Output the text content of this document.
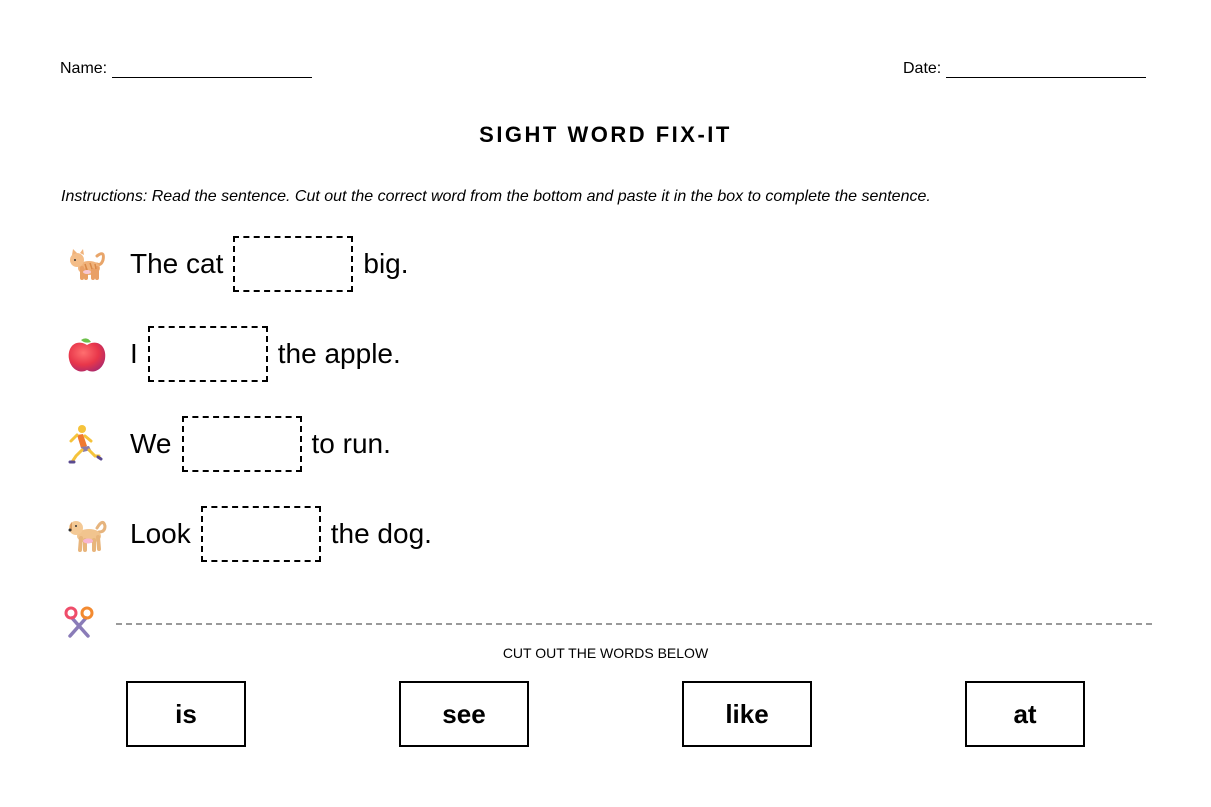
Name:	Date:
SIGHT WORD FIX-IT
Instructions: Read the sentence. Cut out the correct word from the bottom and paste it in the box to complete the sentence.
The cat	big.
I	the apple.
We	to run.
Look	the dog.
CUT OUT THE WORDS BELOW
is	see	like	at
